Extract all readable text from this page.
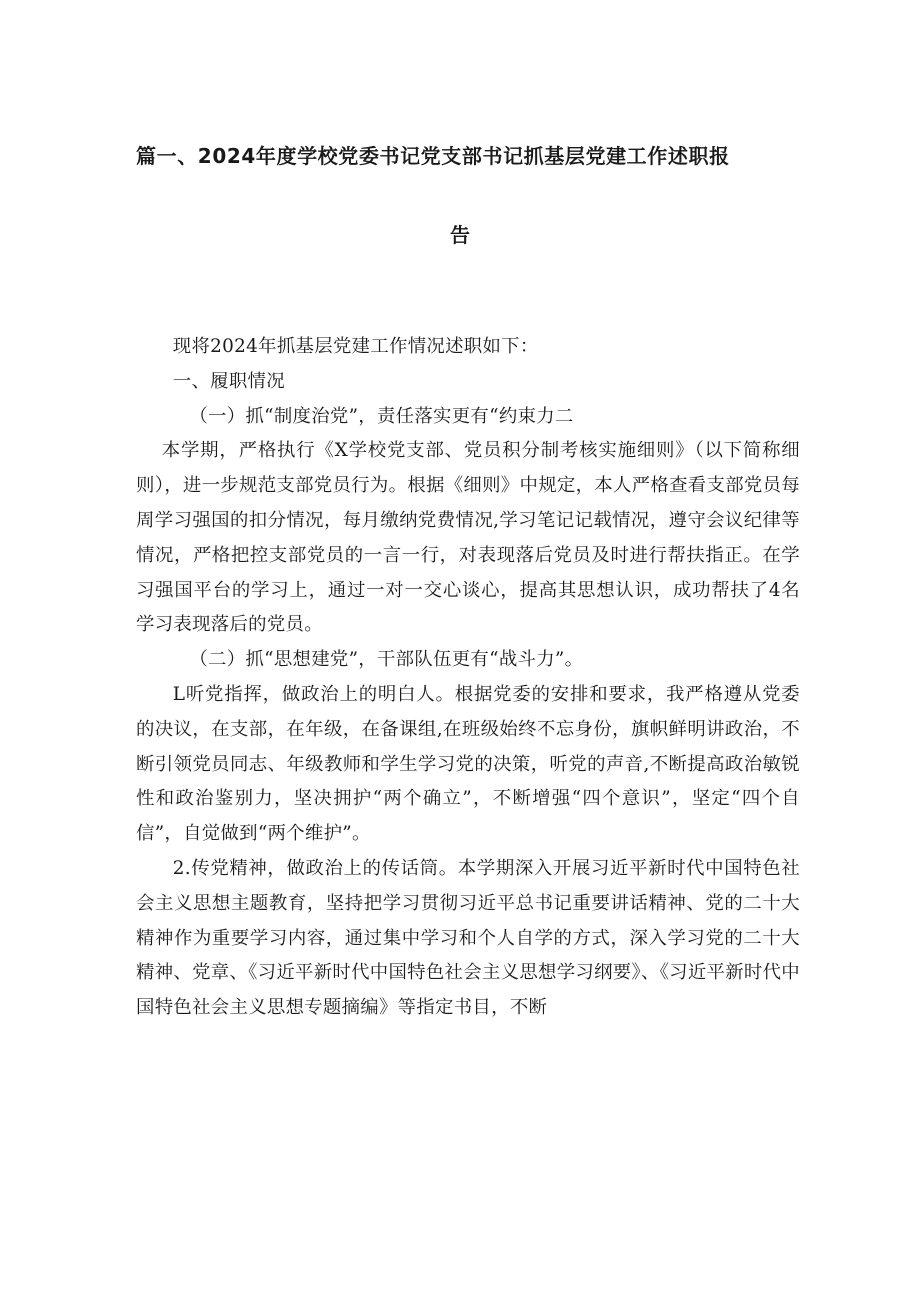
篇一、2024年度学校党委书记党支部书记抓基层党建工作述职报
告

现将2024年抓基层党建工作情况述职如下：

一、履职情况

（一）抓“制度治党”，责任落实更有“约束力二

本学期，严格执行《X学校党支部、党员积分制考核实施细则》（以下简称细则），进一步规范支部党员行为。根据《细则》中规定，本人严格查看支部党员每周学习强国的扣分情况，每月缴纳党费情况,学习笔记记载情况，遵守会议纪律等情况，严格把控支部党员的一言一行，对表现落后党员及时进行帮扶指正。在学习强国平台的学习上，通过一对一交心谈心，提高其思想认识，成功帮扶了4名学习表现落后的党员。

（二）抓“思想建党”，干部队伍更有“战斗力”。

L听党指挥，做政治上的明白人。根据党委的安排和要求，我严格遵从党委的决议，在支部，在年级，在备课组,在班级始终不忘身份，旗帜鲜明讲政治，不断引领党员同志、年级教师和学生学习党的决策，听党的声音,不断提高政治敏锐性和政治鉴别力，坚决拥护“两个确立”，不断增强“四个意识”，坚定“四个自信”，自觉做到“两个维护”。

2.传党精神，做政治上的传话筒。本学期深入开展习近平新时代中国特色社会主义思想主题教育，坚持把学习贯彻习近平总书记重要讲话精神、党的二十大精神作为重要学习内容，通过集中学习和个人自学的方式，深入学习党的二十大精神、党章、《习近平新时代中国特色社会主义思想学习纲要》、《习近平新时代中国特色社会主义思想专题摘编》等指定书目，不断
